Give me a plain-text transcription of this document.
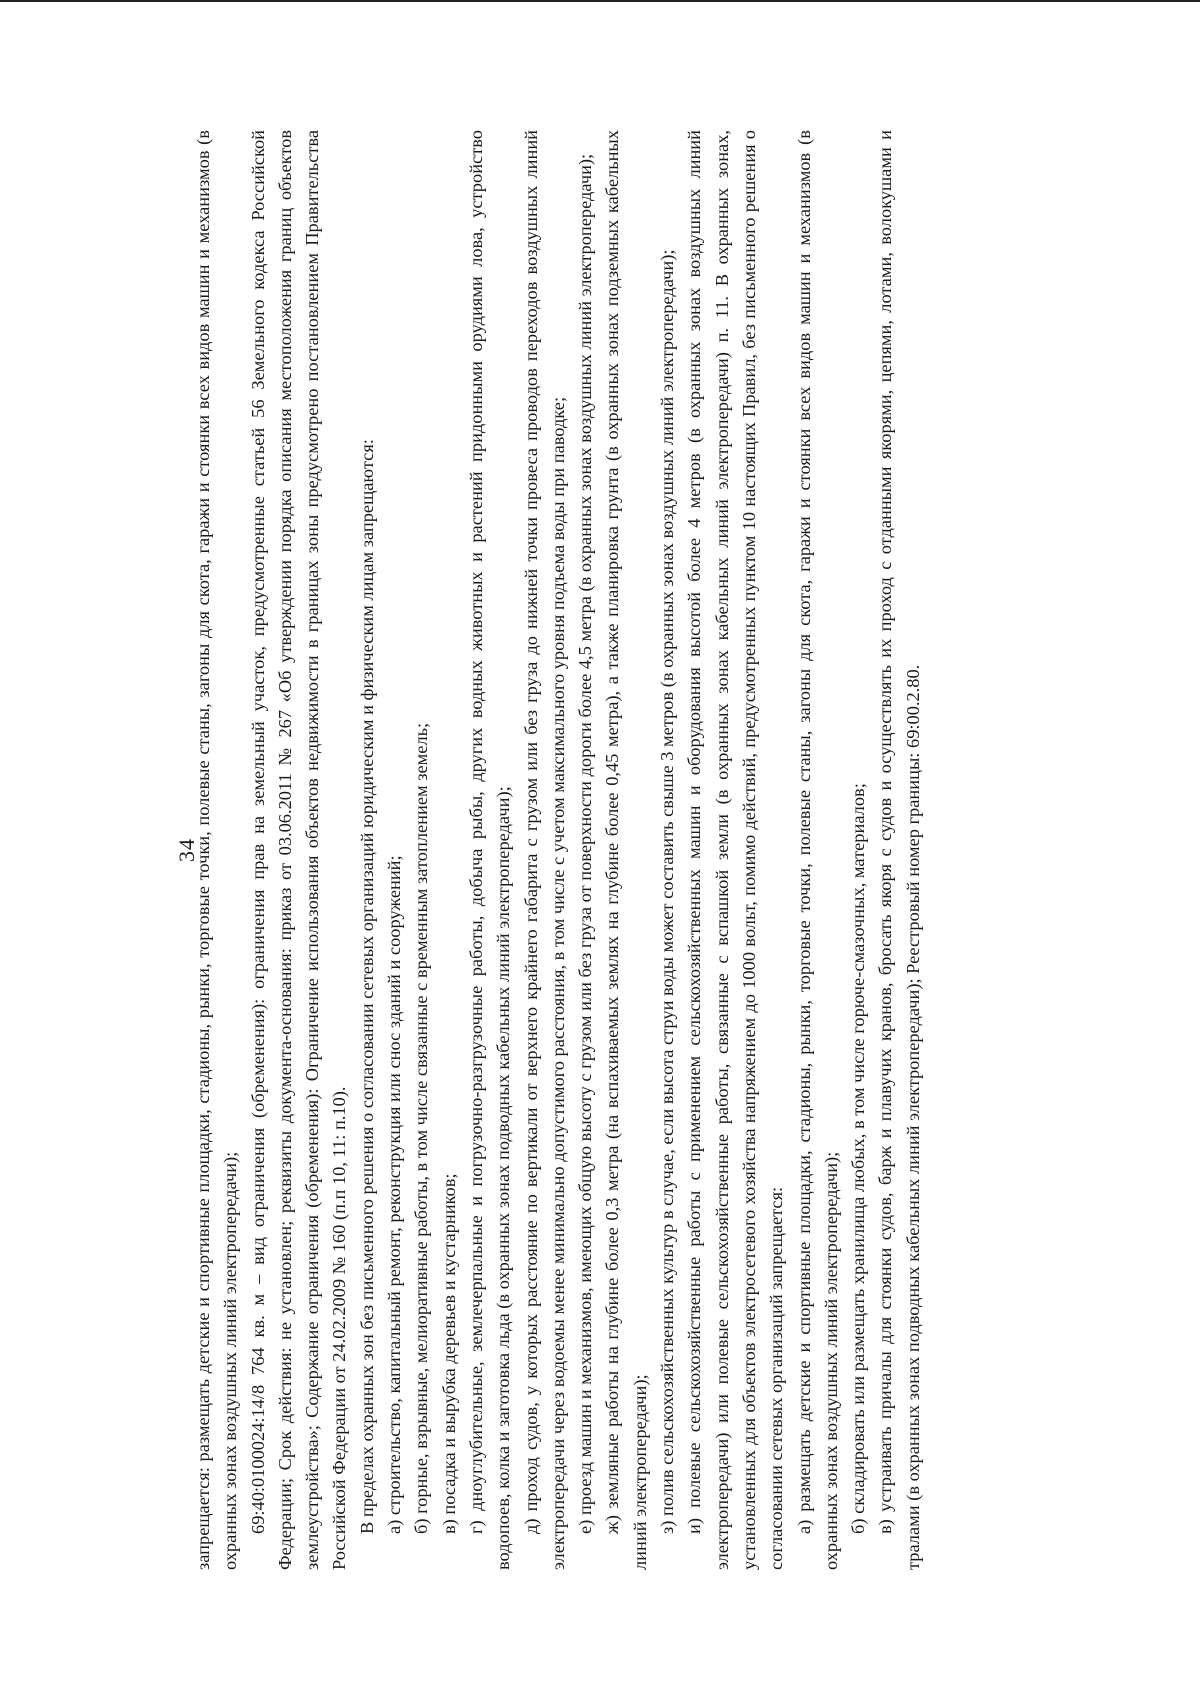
34

запрещается: размещать детские и спортивные площадки, стадионы, рынки, торговые точки, полевые станы, загоны для скота, гаражи и стоянки всех видов машин и механизмов (в охранных зонах воздушных линий электропередачи); 69:40:0100024:14/8 764 кв. м – вид ограничения (обременения): ограничения прав на земельный участок, предусмотренные статьей 56 Земельного кодекса Российской Федерации; Срок действия: не установлен; реквизиты документа-основания: приказ от 03.06.2011 № 267 «Об утверждении порядка описания местоположения границ объектов землеустройства»; Содержание ограничения (обременения): Ограничение использования объектов недвижимости в границах зоны предусмотрено постановлением Правительства Российской Федерации от 24.02.2009 № 160 (п.п 10, 11: п.10). В пределах охранных зон без письменного решения о согласовании сетевых организаций юридическим и физическим лицам запрещаются: а) строительство, капитальный ремонт, реконструкция или снос зданий и сооружений; б) горные, взрывные, мелиоративные работы, в том числе связанные с временным затоплением земель; в) посадка и вырубка деревьев и кустарников; г) дноуглубительные, землечерпальные и погрузочно-разгрузочные работы, добыча рыбы, других водных животных и растений придонными орудиями лова, устройство водопоев, колка и заготовка льда (в охранных зонах подводных кабельных линий электропередачи); д) проход судов, у которых расстояние по вертикали от верхнего крайнего габарита с грузом или без груза до нижней точки провеса проводов переходов воздушных линий электропередачи через водоемы менее минимально допустимого расстояния, в том числе с учетом максимального уровня подъема воды при паводке; е) проезд машин и механизмов, имеющих общую высоту с грузом или без груза от поверхности дороги более 4,5 метра (в охранных зонах воздушных линий электропередачи); ж) земляные работы на глубине более 0,3 метра (на вспахиваемых землях на глубине более 0,45 метра), а также планировка грунта (в охранных зонах подземных кабельных линий электропередачи); з) полив сельскохозяйственных культур в случае, если высота струи воды может составить свыше 3 метров (в охранных зонах воздушных линий электропередачи); и) полевые сельскохозяйственные работы с применением сельскохозяйственных машин и оборудования высотой более 4 метров (в охранных зонах воздушных линий электропередачи) или полевые сельскохозяйственные работы, связанные с вспашкой земли (в охранных зонах кабельных линий электропередачи) п. 11. В охранных зонах, установленных для объектов электросетевого хозяйства напряжением до 1000 вольт, помимо действий, предусмотренных пунктом 10 настоящих Правил, без письменного решения о согласовании сетевых организаций запрещается: а) размещать детские и спортивные площадки, стадионы, рынки, торговые точки, полевые станы, загоны для скота, гаражи и стоянки всех видов машин и механизмов (в охранных зонах воздушных линий электропередачи); б) складировать или размещать хранилища любых, в том числе горюче-смазочных, материалов; в) устраивать причалы для стоянки судов, барж и плавучих кранов, бросать якоря с судов и осуществлять их проход с отданными якорями, цепями, лотами, волокушами и тралами (в охранных зонах подводных кабельных линий электропередачи); Реестровый номер границы: 69:00.2.80.
